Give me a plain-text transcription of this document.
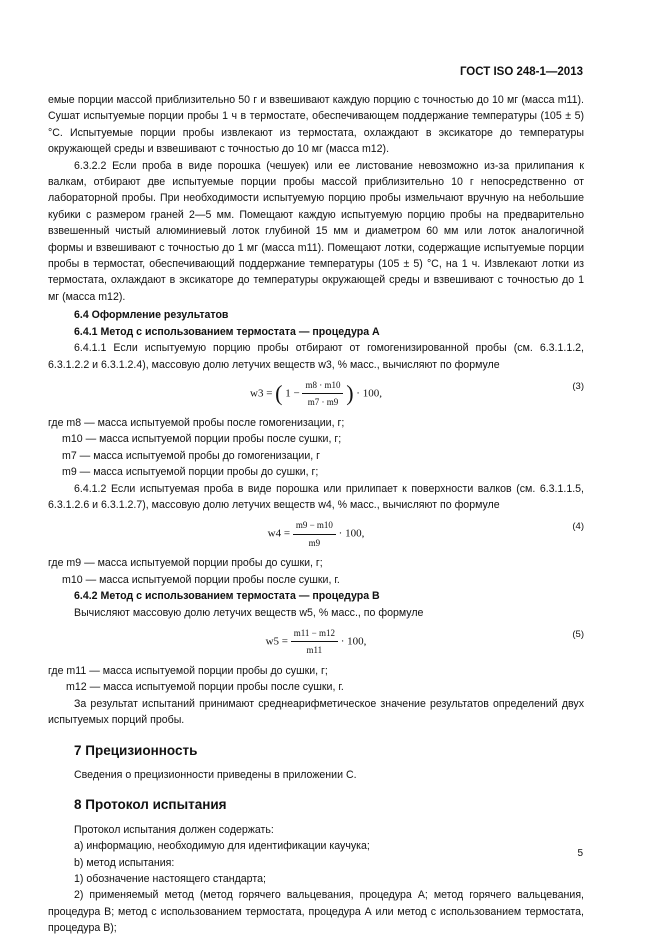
ГОСТ ISO 248-1—2013

емые порции массой приблизительно 50 г и взвешивают каждую порцию с точностью до 10 мг (масса m11). Сушат испытуемые порции пробы 1 ч в термостате, обеспечивающем поддержание температуры (105 ± 5) °C. Испытуемые порции пробы извлекают из термостата, охлаждают в эксикаторе до температуры окружающей среды и взвешивают с точностью до 10 мг (масса m12).

6.3.2.2 Если проба в виде порошка (чешуек) или ее листование невозможно из-за прилипания к валкам, отбирают две испытуемые порции пробы массой приблизительно 10 г непосредственно от лабораторной пробы. При необходимости испытуемую порцию пробы измельчают вручную на небольшие кубики с размером граней 2—5 мм. Помещают каждую испытуемую порцию пробы на предварительно взвешенный чистый алюминиевый лоток глубиной 15 мм и диаметром 60 мм или лоток аналогичной формы и взвешивают с точностью до 1 мг (масса m11). Помещают лотки, содержащие испытуемые порции пробы в термостат, обеспечивающий поддержание температуры (105 ± 5) °C, на 1 ч. Извлекают лотки из термостата, охлаждают в эксикаторе до температуры окружающей среды и взвешивают с точностью до 1 мг (масса m12).

6.4 Оформление результатов

6.4.1 Метод с использованием термостата — процедура А

6.4.1.1 Если испытуемую порцию пробы отбирают от гомогенизированной пробы (см. 6.3.1.1.2, 6.3.1.2.2 и 6.3.1.2.4), массовую долю летучих веществ w3, % масс., вычисляют по формуле

w3 = ( $1 - \frac{m8 \cdot m10}{m7 \cdot m9}$ ) · 100,
(3)

где m8 — масса испытуемой пробы после гомогенизации, г;

m10 — масса испытуемой порции пробы после сушки, г;

m7 — масса испытуемой пробы до гомогенизации, г

m9 — масса испытуемой порции пробы до сушки, г;

6.4.1.2 Если испытуемая проба в виде порошка или прилипает к поверхности валков (см. 6.3.1.1.5, 6.3.1.2.6 и 6.3.1.2.7), массовую долю летучих веществ w4, % масс., вычисляют по формуле

$w4 = \frac{m9 - m10}{m9} \cdot 100$,
(4)

где m9 — масса испытуемой порции пробы до сушки, г;

m10 — масса испытуемой порции пробы после сушки, г.

6.4.2 Метод с использованием термостата — процедура В

Вычисляют массовую долю летучих веществ w5, % масс., по формуле

$w5 = \frac{m11 - m12}{m11} \cdot 100$,
(5)

где m11 — масса испытуемой порции пробы до сушки, г;

m12 — масса испытуемой порции пробы после сушки, г.

За результат испытаний принимают среднеарифметическое значение результатов определений двух испытуемых порций пробы.

7 Прецизионность

Сведения о прецизионности приведены в приложении С.

8 Протокол испытания

Протокол испытания должен содержать:

а) информацию, необходимую для идентификации каучука;

b) метод испытания:

1) обозначение настоящего стандарта;

2) применяемый метод (метод горячего вальцевания, процедура А; метод горячего вальцевания, процедура В; метод с использованием термостата, процедура А или метод с использованием термостата, процедура В);

5
